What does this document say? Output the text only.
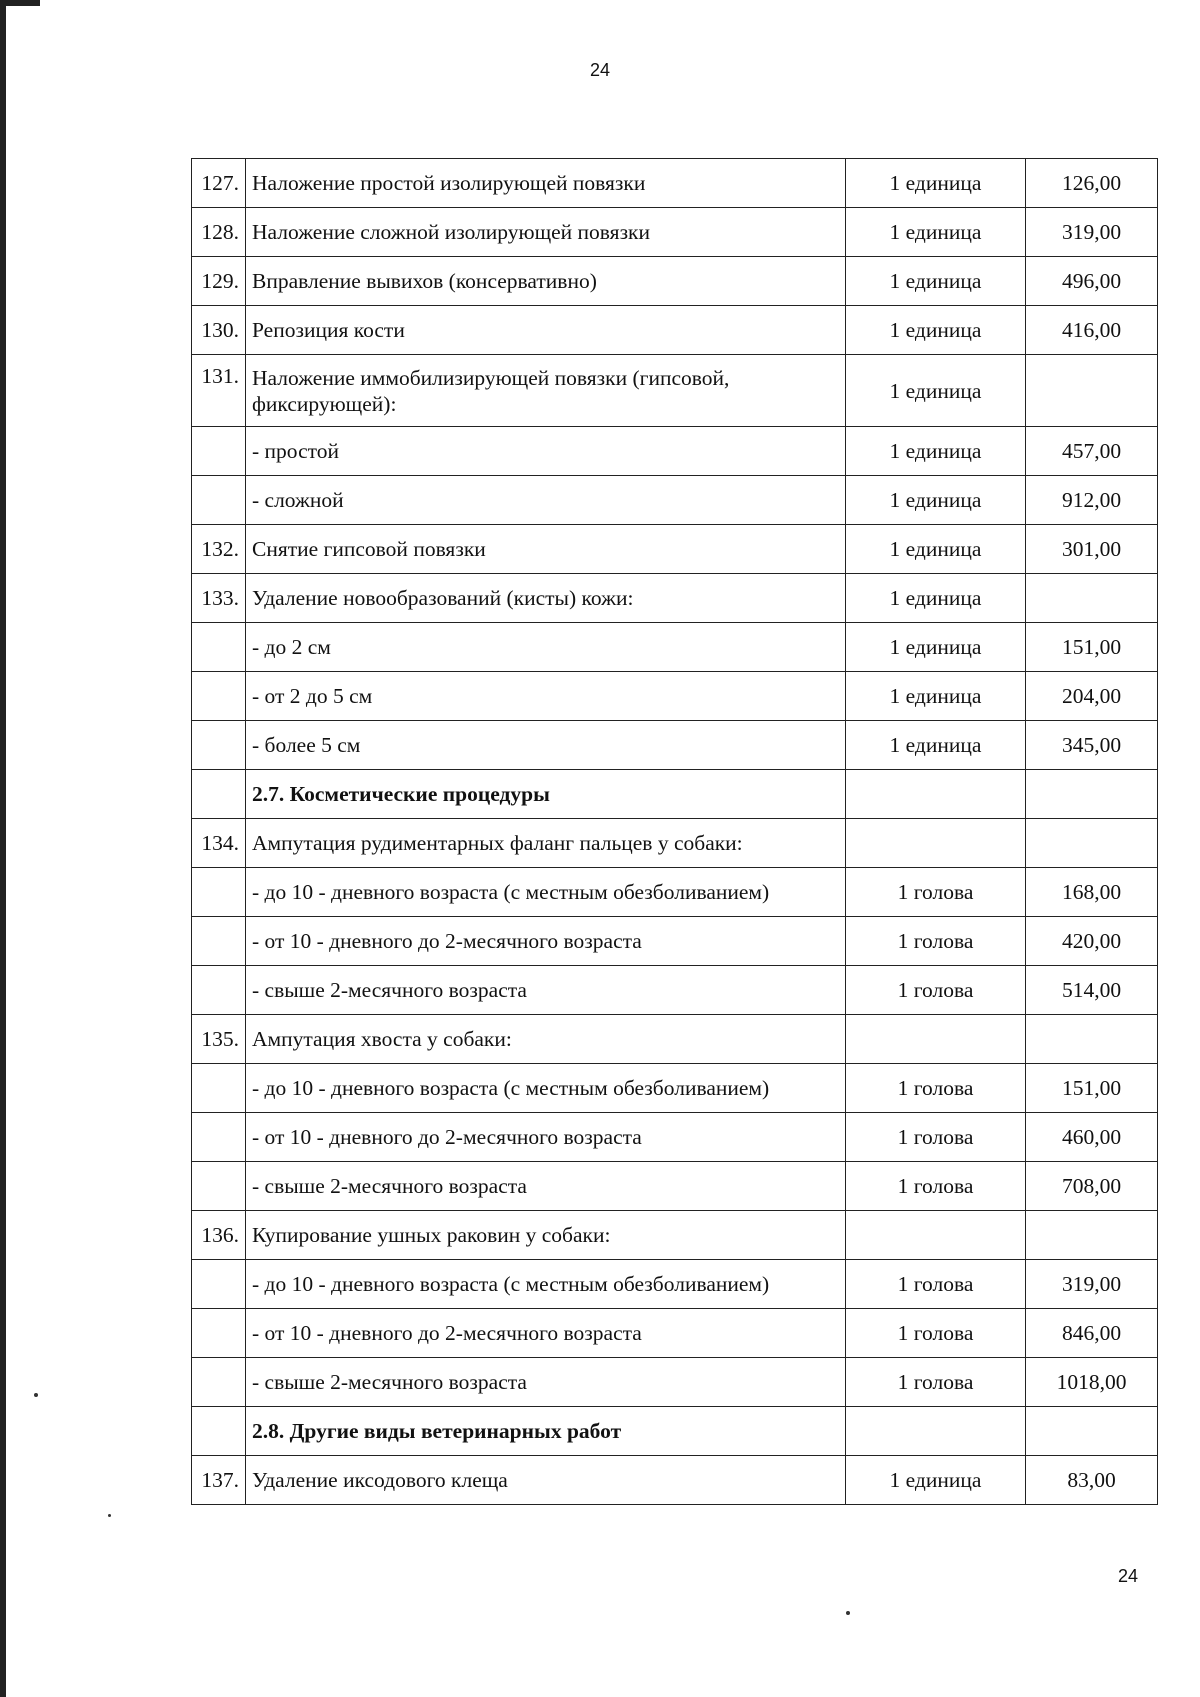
24
127.	Наложение простой изолирующей повязки	1 единица	126,00
128.	Наложение сложной изолирующей повязки	1 единица	319,00
129.	Вправление вывихов (консервативно)	1 единица	496,00
130.	Репозиция кости	1 единица	416,00
131.	Наложение иммобилизирующей повязки (гипсовой, фиксирующей):	1 единица	
	- простой	1 единица	457,00
	- сложной	1 единица	912,00
132.	Снятие гипсовой повязки	1 единица	301,00
133.	Удаление новообразований (кисты) кожи:	1 единица	
	- до 2 см	1 единица	151,00
	- от 2 до 5 см	1 единица	204,00
	- более 5 см	1 единица	345,00
	2.7. Косметические процедуры		
134.	Ампутация рудиментарных фаланг пальцев у собаки:		
	- до 10 - дневного возраста (с местным обезболиванием)	1 голова	168,00
	- от 10 - дневного до 2-месячного возраста	1 голова	420,00
	- свыше 2-месячного возраста	1 голова	514,00
135.	Ампутация хвоста у собаки:		
	- до 10 - дневного возраста (с местным обезболиванием)	1 голова	151,00
	- от 10 - дневного до 2-месячного возраста	1 голова	460,00
	- свыше 2-месячного возраста	1 голова	708,00
136.	Купирование ушных раковин у собаки:		
	- до 10 - дневного возраста (с местным обезболиванием)	1 голова	319,00
	- от 10 - дневного до 2-месячного возраста	1 голова	846,00
	- свыше 2-месячного возраста	1 голова	1018,00
	2.8. Другие виды ветеринарных работ		
137.	Удаление иксодового клеща	1 единица	83,00
24
